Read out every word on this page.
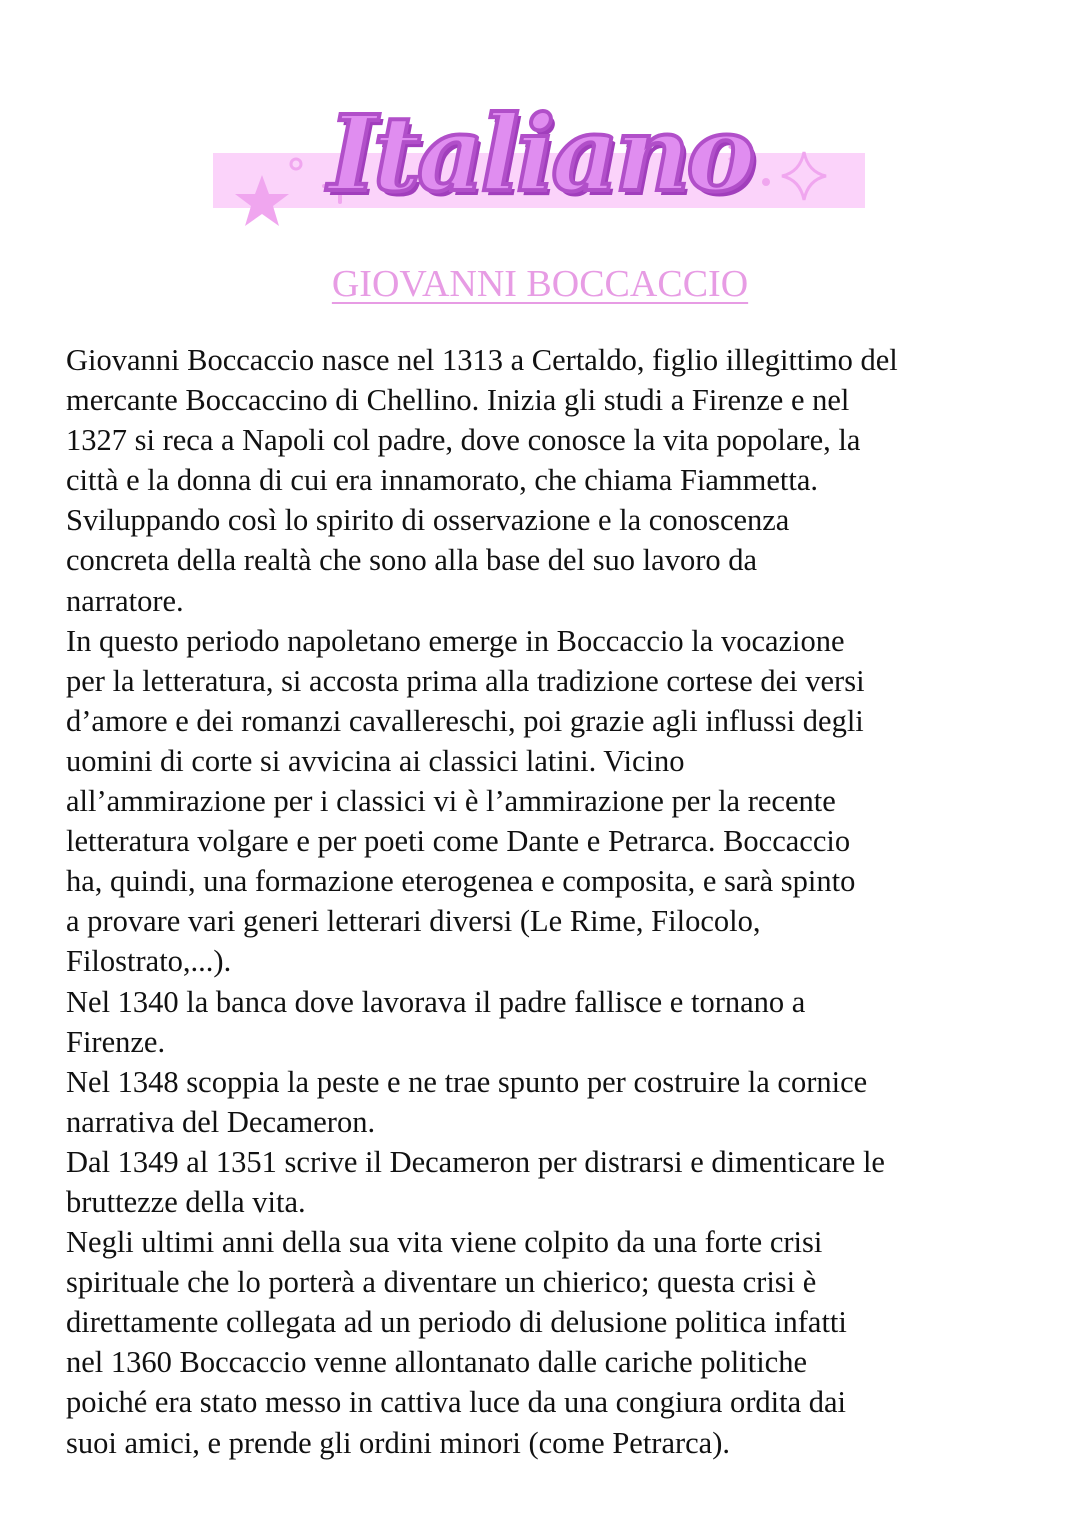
Italiano
GIOVANNI BOCCACCIO
Giovanni Boccaccio nasce nel 1313 a Certaldo, figlio illegittimo del
mercante Boccaccino di Chellino. Inizia gli studi a Firenze e nel
1327 si reca a Napoli col padre, dove conosce la vita popolare, la
città e la donna di cui era innamorato, che chiama Fiammetta.
Sviluppando così lo spirito di osservazione e la conoscenza
concreta della realtà che sono alla base del suo lavoro da
narratore.
In questo periodo napoletano emerge in Boccaccio la vocazione
per la letteratura, si accosta prima alla tradizione cortese dei versi
d’amore e dei romanzi cavallereschi, poi grazie agli influssi degli
uomini di corte si avvicina ai classici latini. Vicino
all’ammirazione per i classici vi è l’ammirazione per la recente
letteratura volgare e per poeti come Dante e Petrarca. Boccaccio
ha, quindi, una formazione eterogenea e composita, e sarà spinto
a provare vari generi letterari diversi (Le Rime, Filocolo,
Filostrato,...).
Nel 1340 la banca dove lavorava il padre fallisce e tornano a
Firenze.
Nel 1348 scoppia la peste e ne trae spunto per costruire la cornice
narrativa del Decameron.
Dal 1349 al 1351 scrive il Decameron per distrarsi e dimenticare le
bruttezze della vita.
Negli ultimi anni della sua vita viene colpito da una forte crisi
spirituale che lo porterà a diventare un chierico; questa crisi è
direttamente collegata ad un periodo di delusione politica infatti
nel 1360 Boccaccio venne allontanato dalle cariche politiche
poiché era stato messo in cattiva luce da una congiura ordita dai
suoi amici, e prende gli ordini minori (come Petrarca).
